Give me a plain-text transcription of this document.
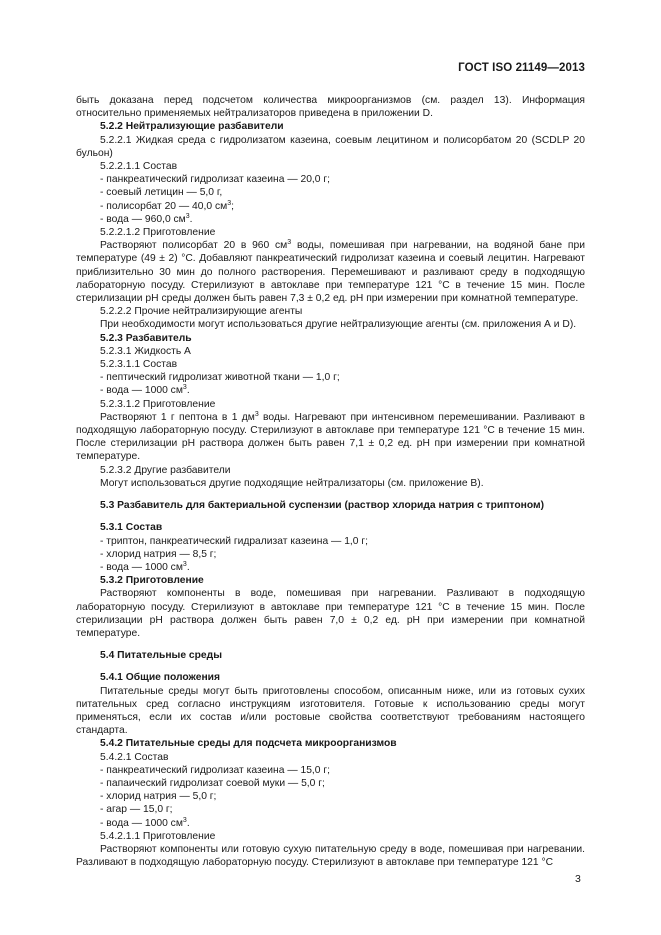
ГОСТ ISO 21149—2013

быть доказана перед подсчетом количества микроорганизмов (см. раздел 13). Информация относительно применяемых нейтрализаторов приведена в приложении D.

5.2.2 Нейтрализующие разбавители

5.2.2.1 Жидкая среда с гидролизатом казеина, соевым лецитином и полисорбатом 20 (SCDLP 20 бульон)

5.2.2.1.1 Состав

- панкреатический гидролизат казеина — 20,0 г;

- соевый летицин — 5,0 г,

- полисорбат 20 — 40,0 $см^3$;

- вода — 960,0 $см^3$.

5.2.2.1.2 Приготовление

Растворяют полисорбат 20 в 960 $см^3$ воды, помешивая при нагревании, на водяной бане при температуре (49 ± 2) °С. Добавляют панкреатический гидролизат казеина и соевый лецитин. Нагревают приблизительно 30 мин до полного растворения. Перемешивают и разливают среду в подходящую лабораторную посуду. Стерилизуют в автоклаве при температуре 121 °С в течение 15 мин. После стерилизации рН среды должен быть равен 7,3 ± 0,2 ед. рН при измерении при комнатной температуре.

5.2.2.2 Прочие нейтрализирующие агенты

При необходимости могут использоваться другие нейтрализующие агенты (см. приложения А и D).

5.2.3 Разбавитель

5.2.3.1 Жидкость А

5.2.3.1.1 Состав

- пептический гидролизат животной ткани — 1,0 г;

- вода — 1000 $см^3$.

5.2.3.1.2 Приготовление

Растворяют 1 г пептона в 1 $дм^3$ воды. Нагревают при интенсивном перемешивании. Разливают в подходящую лабораторную посуду. Стерилизуют в автоклаве при температуре 121 °С в течение 15 мин. После стерилизации рН раствора должен быть равен 7,1 ± 0,2 ед. рН при измерении при комнатной температуре.

5.2.3.2 Другие разбавители

Могут использоваться другие подходящие нейтрализаторы (см. приложение В).

5.3 Разбавитель для бактериальной суспензии (раствор хлорида натрия с триптоном)

5.3.1 Состав

- триптон, панкреатический гидрализат казеина — 1,0 г;

- хлорид натрия — 8,5 г;

- вода — 1000 $см^3$.

5.3.2 Приготовление

Растворяют компоненты в воде, помешивая при нагревании. Разливают в подходящую лабораторную посуду. Стерилизуют в автоклаве при температуре 121 °С в течение 15 мин. После стерилизации рН раствора должен быть равен 7,0 ± 0,2 ед. рН при измерении при комнатной температуре.

5.4 Питательные среды

5.4.1 Общие положения

Питательные среды могут быть приготовлены способом, описанным ниже, или из готовых сухих питательных сред согласно инструкциям изготовителя. Готовые к использованию среды могут применяться, если их состав и/или ростовые свойства соответствуют требованиям настоящего стандарта.

5.4.2 Питательные среды для подсчета микроорганизмов

5.4.2.1 Состав

- панкреатический гидролизат казеина — 15,0 г;

- папаический гидролизат соевой муки — 5,0 г;

- хлорид натрия — 5,0 г;

- агар — 15,0 г;

- вода — 1000 $см^3$.

5.4.2.1.1 Приготовление

Растворяют компоненты или готовую сухую питательную среду в воде, помешивая при нагревании. Разливают в подходящую лабораторную посуду. Стерилизуют в автоклаве при температуре 121 °С

3
